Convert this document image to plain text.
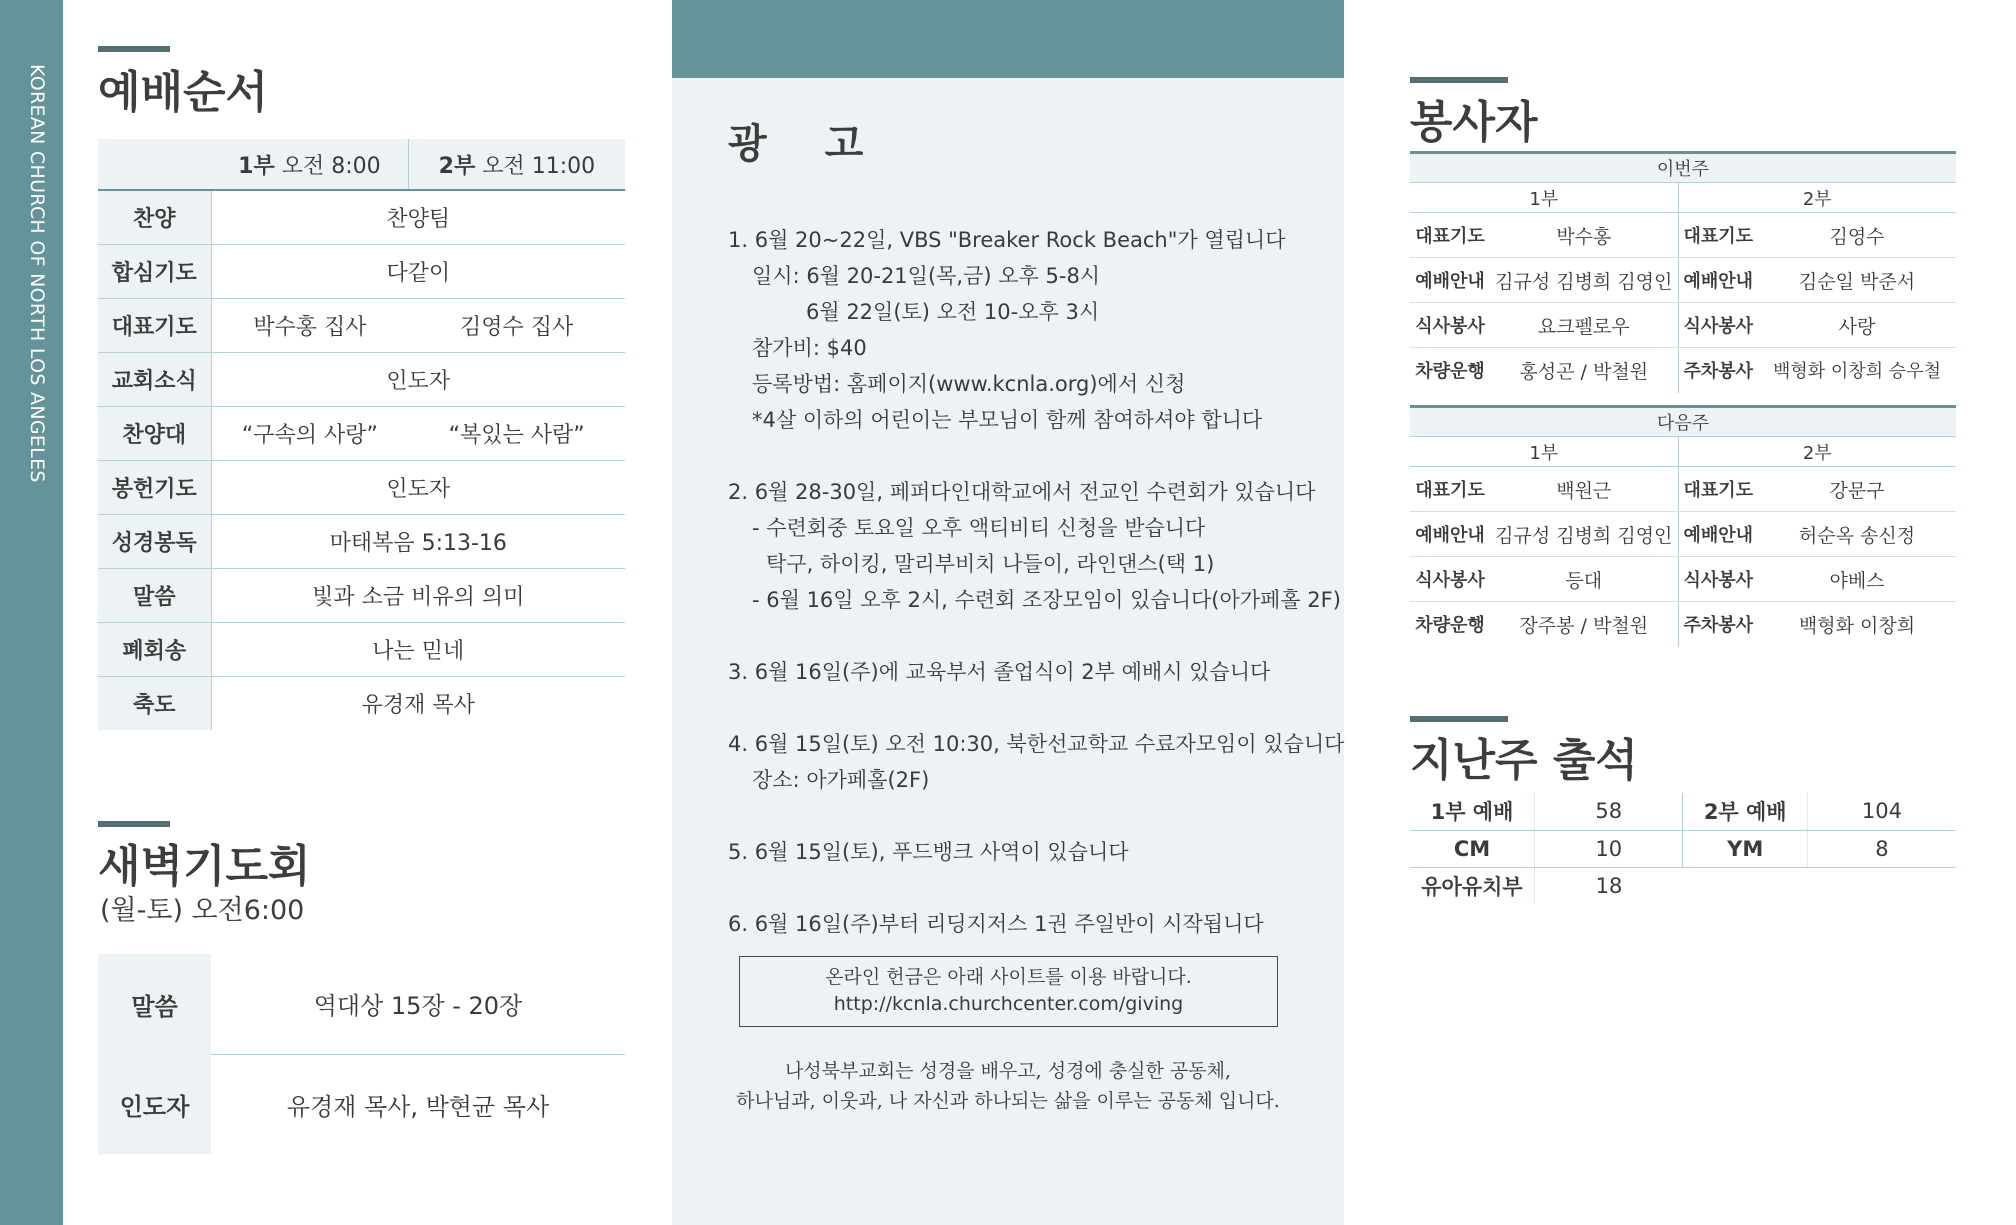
KOREAN CHURCH OF NORTH LOS ANGELES 예배순서
	1부 오전 8:00	2부 오전 11:00
찬양	찬양팀	
합심기도	다같이	
대표기도	박수홍 집사	김영수 집사
교회소식	인도자	
찬양대	“구속의 사랑”	“복있는 사람”
봉헌기도	인도자	
성경봉독	마태복음 5:13-16	
말씀	빛과 소금 비유의 의미	
폐회송	나는 믿네	
축도	유경재 목사	
새벽기도회
(월-토) 오전6:00
말씀	역대상 15장 - 20장
인도자	유경재 목사, 박현균 목사
광 고
1. 6월 20~22일, VBS "Breaker Rock Beach"가 열립니다
일시: 6월 20-21일(목,금) 오후 5-8시
6월 22일(토) 오전 10-오후 3시
참가비: $40
등록방법: 홈페이지(www.kcnla.org)에서 신청
*4살 이하의 어린이는 부모님이 함께 참여하셔야 합니다
2. 6월 28-30일, 페퍼다인대학교에서 전교인 수련회가 있습니다
- 수련회중 토요일 오후 액티비티 신청을 받습니다
탁구, 하이킹, 말리부비치 나들이, 라인댄스(택 1)
- 6월 16일 오후 2시, 수련회 조장모임이 있습니다(아가페홀 2F)
3. 6월 16일(주)에 교육부서 졸업식이 2부 예배시 있습니다
4. 6월 15일(토) 오전 10:30, 북한선교학교 수료자모임이 있습니다
장소: 아가페홀(2F)
5. 6월 15일(토), 푸드뱅크 사역이 있습니다
6. 6월 16일(주)부터 리딩지저스 1권 주일반이 시작됩니다
온라인 헌금은 아래 사이트를 이용 바랍니다.
http://kcnla.churchcenter.com/giving
나성북부교회는 성경을 배우고, 성경에 충실한 공동체,
하나님과, 이웃과, 나 자신과 하나되는 삶을 이루는 공동체 입니다.
봉사자
이번주			
1부		2부	
대표기도	박수홍	대표기도	김영수
예배안내	김규성 김병희 김영인	예배안내	김순일 박준서
식사봉사	요크펠로우	식사봉사	사랑
차량운행	홍성곤 / 박철원	주차봉사	백형화 이창희 승우철
다음주			
1부		2부	
대표기도	백원근	대표기도	강문구
예배안내	김규성 김병희 김영인	예배안내	허순옥 송신정
식사봉사	등대	식사봉사	야베스
차량운행	장주봉 / 박철원	주차봉사	백형화 이창희
지난주 출석
1부 예배	58	2부 예배	104
CM	10	YM	8
유아유치부	18		
